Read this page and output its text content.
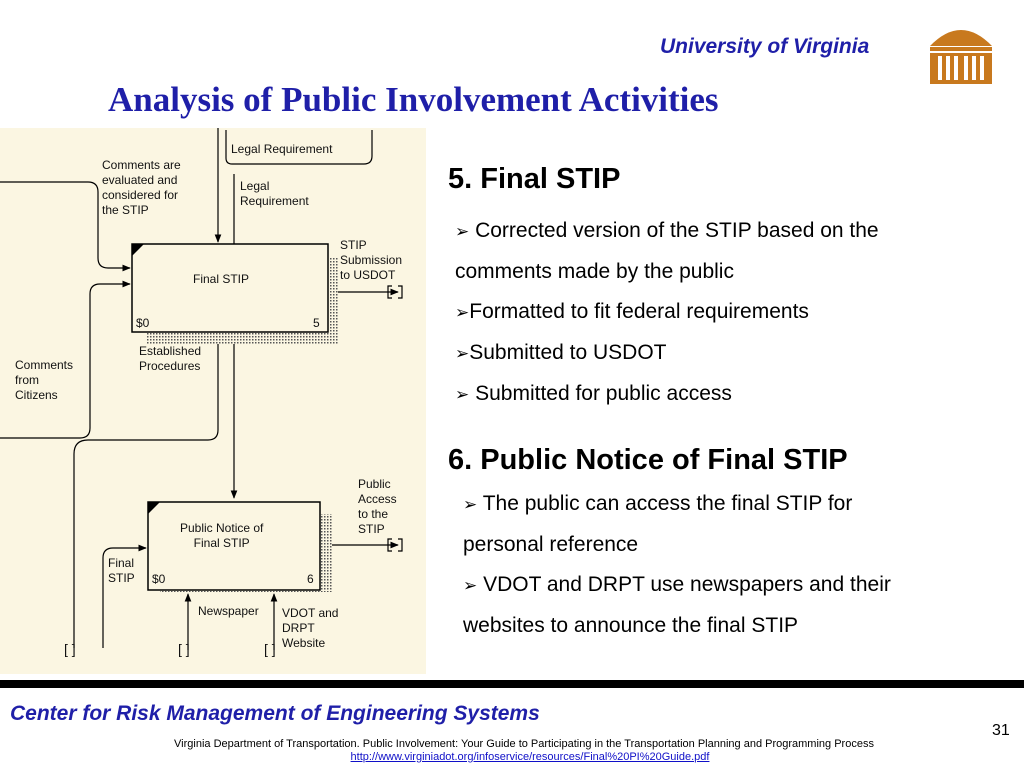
University of Virginia
Analysis of Public Involvement Activities
Legal Requirement
Comments are
evaluated and
considered for
the STIP
Legal
Requirement
STIP
Submission
to USDOT
Final STIP
$0	5
Established
Procedures
Comments
from
Citizens
Public
Access
to the
STIP
Public Notice of
Final STIP
$0	6
Final
STIP
Newspaper VDOT and
DRPT
Website
[ ]	[ ]	[ ]
5. Final STIP
➢ Corrected version of the STIP based on the
comments made by the public
➢Formatted to fit federal requirements
➢Submitted to USDOT
➢ Submitted for public access
6. Public Notice of Final STIP
➢ The public can access the final STIP for
personal reference
➢ VDOT and DRPT use newspapers and their
websites to announce the final STIP
Center for Risk Management of Engineering Systems
31
Virginia Department of Transportation. Public Involvement: Your Guide to Participating in the Transportation Planning and Programming Process
http://www.virginiadot.org/infoservice/resources/Final%20PI%20Guide.pdf
